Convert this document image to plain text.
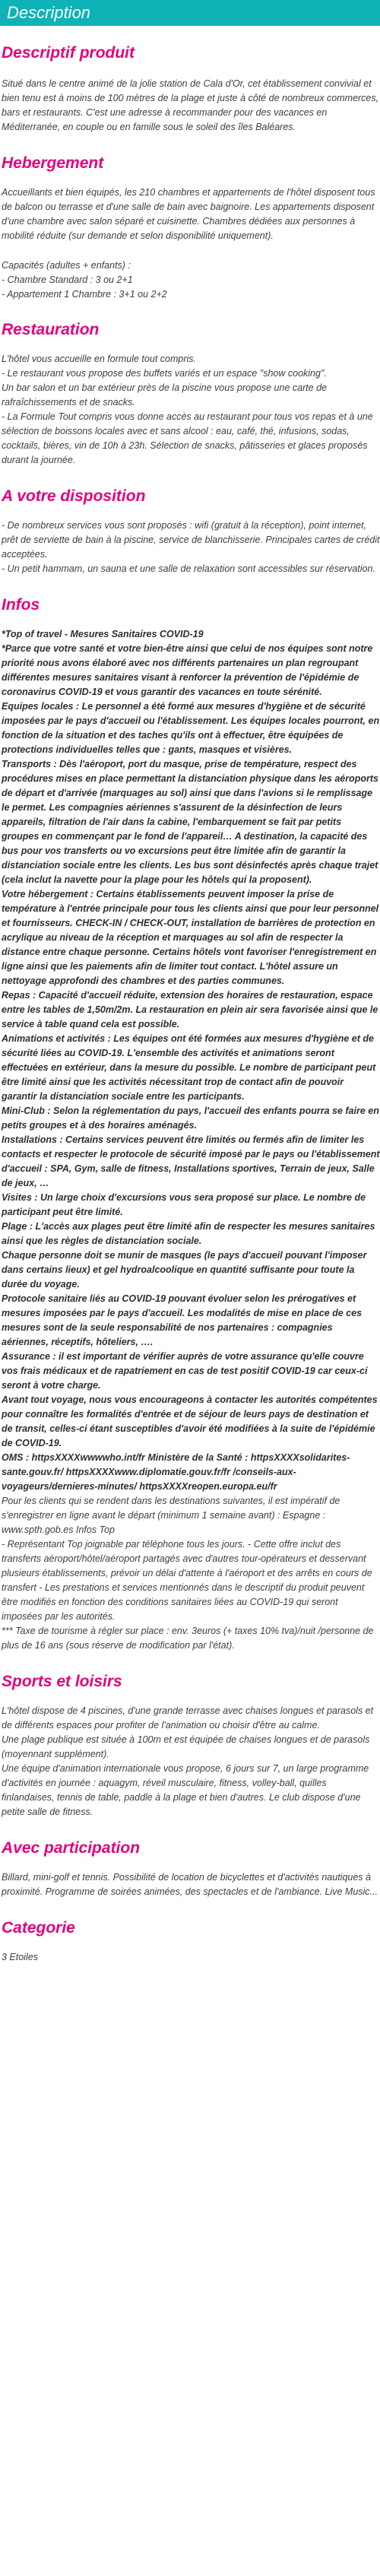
Description
Descriptif produit

Situé dans le centre animé de la jolie station de Cala d'Or, cet établissement convivial et bien tenu est à moins de 100 mètres de la plage et juste à côté de nombreux commerces, bars et restaurants. C'est une adresse à recommander pour des vacances en Méditerranée, en couple ou en famille sous le soleil des îles Baléares.

Hebergement

Accueillants et bien équipés, les 210 chambres et appartements de l'hôtel disposent tous de balcon ou terrasse et d'une salle de bain avec baignoire. Les appartements disposent d'une chambre avec salon séparé et cuisinette. Chambres dédiées aux personnes à mobilité réduite (sur demande et selon disponibilité uniquement).

Capacités (adultes + enfants) :
- Chambre Standard : 3 ou 2+1
- Appartement 1 Chambre : 3+1 ou 2+2

Restauration

L'hôtel vous accueille en formule tout compris.
- Le restaurant vous propose des buffets variés et un espace "show cooking".
Un bar salon et un bar extérieur près de la piscine vous propose une carte de rafraîchissements et de snacks.
- La Formule Tout compris vous donne accès au restaurant pour tous vos repas et à une sélection de boissons locales avec et sans alcool : eau, café, thé, infusions, sodas, cocktails, bières, vin de 10h à 23h. Sélection de snacks, pâtisseries et glaces proposés durant la journée.

A votre disposition

- De nombreux services vous sont proposés : wifi (gratuit à la réception), point internet, prêt de serviette de bain à la piscine, service de blanchisserie. Principales cartes de crédit acceptées.
- Un petit hammam, un sauna et une salle de relaxation sont accessibles sur réservation.

Infos

*Top of travel - Mesures Sanitaires COVID-19
*Parce que votre santé et votre bien-être ainsi que celui de nos équipes sont notre priorité nous avons élaboré avec nos différents partenaires un plan regroupant différentes mesures sanitaires visant à renforcer la prévention de l'épidémie de coronavirus COVID-19 et vous garantir des vacances en toute sérénité.
Equipes locales : Le personnel a été formé aux mesures d'hygiène et de sécurité imposées par le pays d'accueil ou l'établissement. Les équipes locales pourront, en fonction de la situation et des taches qu'ils ont à effectuer, être équipées de protections individuelles telles que : gants, masques et visières.
Transports : Dès l'aéroport, port du masque, prise de température, respect des procédures mises en place permettant la distanciation physique dans les aéroports de départ et d'arrivée (marquages au sol) ainsi que dans l'avions si le remplissage le permet. Les compagnies aériennes s'assurent de la désinfection de leurs appareils, filtration de l'air dans la cabine, l'embarquement se fait par petits groupes en commençant par le fond de l'appareil… A destination, la capacité des bus pour vos transferts ou vo excursions peut être limitée afin de garantir la distanciation sociale entre les clients. Les bus sont désinfectés après chaque trajet (cela inclut la navette pour la plage pour les hôtels qui la proposent).
Votre hébergement : Certains établissements peuvent imposer la prise de température à l'entrée principale pour tous les clients ainsi que pour leur personnel et fournisseurs. CHECK-IN / CHECK-OUT, installation de barrières de protection en acrylique au niveau de la réception et marquages au sol afin de respecter la distance entre chaque personne. Certains hôtels vont favoriser l'enregistrement en ligne ainsi que les paiements afin de limiter tout contact. L'hôtel assure un nettoyage approfondi des chambres et des parties communes.
Repas : Capacité d'accueil réduite, extension des horaires de restauration, espace entre les tables de 1,50m/2m. La restauration en plein air sera favorisée ainsi que le service à table quand cela est possible.
Animations et activités : Les équipes ont été formées aux mesures d'hygiène et de sécurité liées au COVID-19. L'ensemble des activités et animations seront effectuées en extérieur, dans la mesure du possible. Le nombre de participant peut être limité ainsi que les activités nécessitant trop de contact afin de pouvoir garantir la distanciation sociale entre les participants.
Mini-Club : Selon la réglementation du pays, l'accueil des enfants pourra se faire en petits groupes et à des horaires aménagés.
Installations : Certains services peuvent être limités ou fermés afin de limiter les contacts et respecter le protocole de sécurité imposé par le pays ou l'établissement d'accueil : SPA, Gym, salle de fitness, Installations sportives, Terrain de jeux, Salle de jeux, …
Visites : Un large choix d'excursions vous sera proposé sur place. Le nombre de participant peut être limité.
Plage : L'accès aux plages peut être limité afin de respecter les mesures sanitaires ainsi que les règles de distanciation sociale.
Chaque personne doit se munir de masques (le pays d'accueil pouvant l'imposer dans certains lieux) et gel hydroalcoolique en quantité suffisante pour toute la durée du voyage.
Protocole sanitaire liés au COVID-19 pouvant évoluer selon les prérogatives et mesures imposées par le pays d'accueil. Les modalités de mise en place de ces mesures sont de la seule responsabilité de nos partenaires : compagnies aériennes, réceptifs, hôteliers, ….
Assurance : il est important de vérifier auprès de votre assurance qu'elle couvre vos frais médicaux et de rapatriement en cas de test positif COVID-19 car ceux-ci seront à votre charge.
Avant tout voyage, nous vous encourageons à contacter les autorités compétentes pour connaître les formalités d'entrée et de séjour de leurs pays de destination et de transit, celles-ci étant susceptibles d'avoir été modifiées à la suite de l'épidémie de COVID-19.
OMS : httpsXXXXwwwwho.int/fr Ministère de la Santé : httpsXXXXsolidarites-sante.gouv.fr/ httpsXXXXwww.diplomatie.gouv.fr/fr /conseils-aux-voyageurs/dernieres-minutes/ httpsXXXXreopen.europa.eu/fr

Pour les clients qui se rendent dans les destinations suivantes, il est impératif de s'enregistrer en ligne avant le départ (minimum 1 semaine avant) : Espagne : www.spth.gob.es Infos Top
- Représentant Top joignable par téléphone tous les jours. - Cette offre inclut des transferts aéroport/hôtel/aéroport partagés avec d'autres tour-opérateurs et desservant plusieurs établissements, prévoir un délai d'attente à l'aéroport et des arrêts en cours de transfert - Les prestations et services mentionnés dans le descriptif du produit peuvent être modifiés en fonction des conditions sanitaires liées au COVID-19 qui seront imposées par les autorités.
*** Taxe de tourisme à régler sur place : env. 3euros (+ taxes 10% tva)/nuit /personne de plus de 16 ans (sous réserve de modification par l'état).

Sports et loisirs

L'hôtel dispose de 4 piscines, d'une grande terrasse avec chaises longues et parasols et de différents espaces pour profiter de l'animation ou choisir d'être au calme.
Une plage publique est située à 100m et est équipée de chaises longues et de parasols (moyennant supplément).
Une équipe d'animation internationale vous propose, 6 jours sur 7, un large programme d'activités en journée : aquagym, réveil musculaire, fitness, volley-ball, quilles finlandaises, tennis de table, paddle à la plage et bien d'autres. Le club dispose d'une petite salle de fitness.

Avec participation

Billard, mini-golf et tennis. Possibilité de location de bicyclettes et d'activités nautiques à proximité. Programme de soirées animées, des spectacles et de l'ambiance. Live Music...

Categorie

3 Etoiles
